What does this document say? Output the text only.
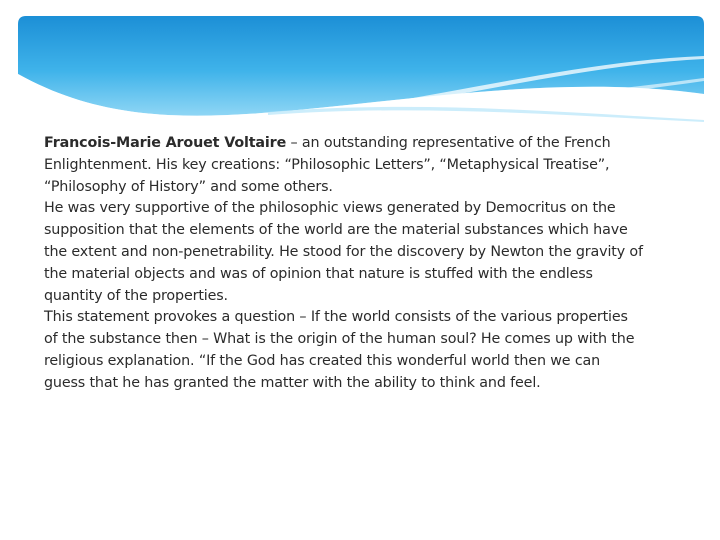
Francois-Marie Arouet Voltaire – an outstanding representative of the French Enlightenment. His key creations: “Philosophic Letters”, “Metaphysical Treatise”, “Philosophy of History” and some others.

He was very supportive of the philosophic views generated by Democritus on the supposition that the elements of the world are the material substances which have the extent and non-penetrability. He stood for the discovery by Newton the gravity of the material objects and was of opinion that nature is stuffed with the endless quantity of the properties.

This statement provokes a question – If the world consists of the various properties of the substance then – What is the origin of the human soul? He comes up with the religious explanation. “If the God has created this wonderful world then we can guess that he has granted the matter with the ability to think and feel.
